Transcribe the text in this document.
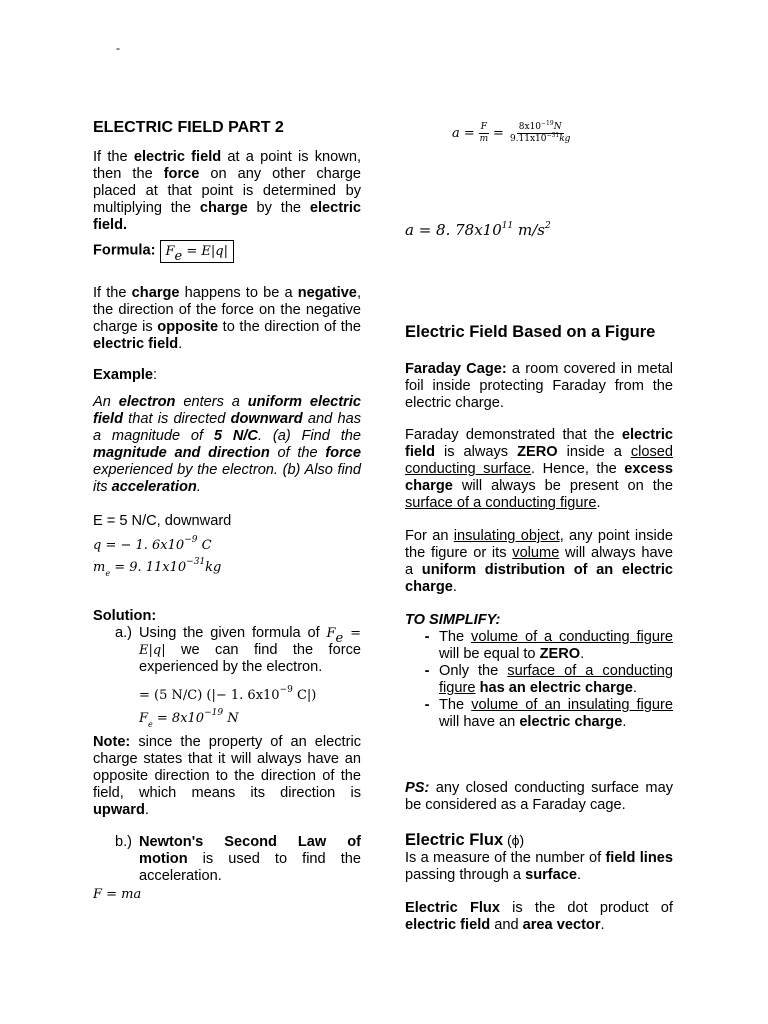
-
ELECTRIC FIELD PART 2

If the electric field at a point is known, then the force on any other charge placed at that point is determined by multiplying the charge by the electric field.

Formula: $F_e = E|q|$

If the charge happens to be a negative, the direction of the force on the negative charge is opposite to the direction of the electric field.

Example:

An electron enters a uniform electric field that is directed downward and has a magnitude of 5 N/C. (a) Find the magnitude and direction of the force experienced by the electron. (b) Also find its acceleration.

E = 5 N/C, downward
q = − 1. $6x10^{-9}$ C
$m_e = 9$. $11x10^{-31}kg$
Solution:
a.) Using the given formula of $F_e = E|q|$ we can find the force experienced by the electron.
= (5 N/C) (|− 1. $6x10^{-9}$ C|)
$F_e = 8x10^{-19}$ N

Note: since the property of an electric charge states that it will always have an opposite direction to the direction of the field, which means its direction is upward.

b.) Newton's Second Law of motion is used to find the acceleration.
F = ma
$a = \frac{F}{m} = \frac{8x10^{-19}N}{9.11x10^{-31}kg}$
a = 8. $78x10^{11}$ $m/s^2$
Electric Field Based on a Figure

Faraday Cage: a room covered in metal foil inside protecting Faraday from the electric charge.

Faraday demonstrated that the electric field is always ZERO inside a closed conducting surface. Hence, the excess charge will always be present on the surface of a conducting figure.

For an insulating object, any point inside the figure or its volume will always have a uniform distribution of an electric charge.

TO SIMPLIFY:
- The volume of a conducting figure will be equal to ZERO.
- Only the surface of a conducting figure has an electric charge.
- The volume of an insulating figure will have an electric charge.

PS: any closed conducting surface may be considered as a Faraday cage.

Electric Flux (ϕ)

Is a measure of the number of field lines passing through a surface.

Electric Flux is the dot product of electric field and area vector.
